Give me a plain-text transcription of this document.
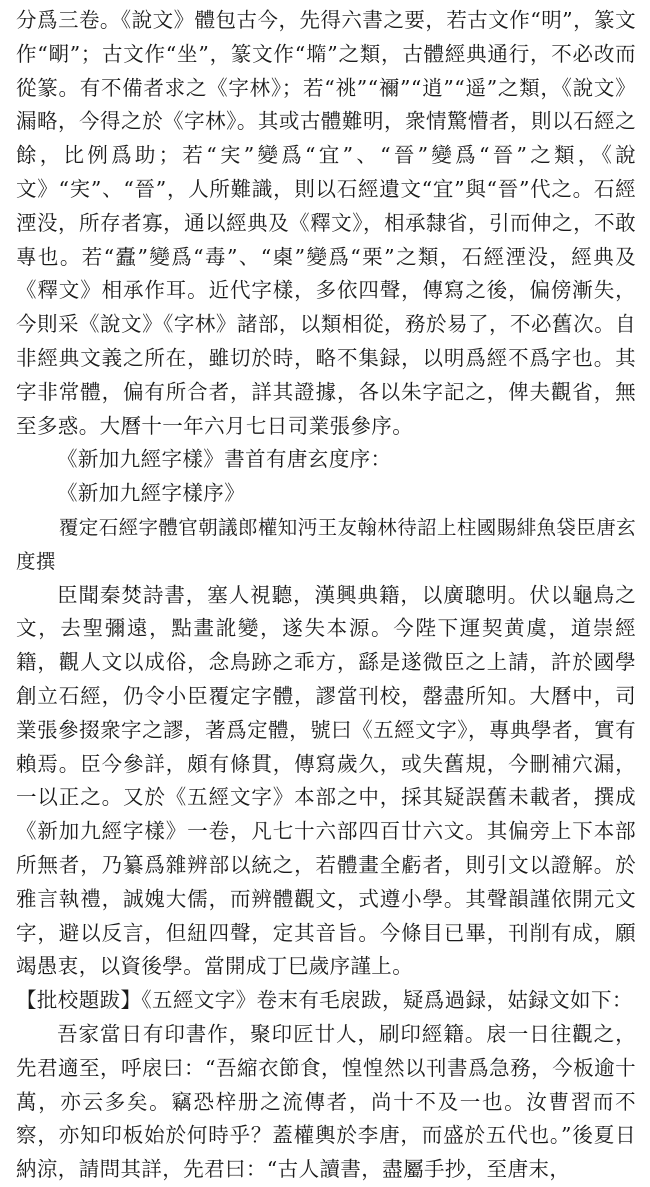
分爲三卷。《說文》體包古今，先得六書之要，若古文作“明”，篆文作“朙”；古文作“坐”，篆文作“𡐦”之類，古體經典通行，不必改而從篆。有不備者求之《字林》；若“祧”“禰”“逍”“遥”之類，《說文》漏略，今得之於《字林》。其或古體難明，衆情驚懵者，則以石經之餘，比例爲助；若“宎”變爲“宜”、“晉”變爲“晉”之類，《說文》“宎”、“晉”，人所難識，則以石經遺文“宜”與“晉”代之。石經湮没，所存者寡，通以經典及《釋文》，相承隸省，引而伸之，不敢專也。若“蠹”變爲“毒”、“㮚”變爲“栗”之類，石經湮没，經典及《釋文》相承作耳。近代字樣，多依四聲，傳寫之後，偏傍漸失，今則采《說文》《字林》諸部，以類相從，務於易了，不必舊次。自非經典文義之所在，雖切於時，略不集録，以明爲經不爲字也。其字非常體，偏有所合者，詳其證據，各以朱字記之，俾夫觀省，無至多惑。大曆十一年六月七日司業張參序。

《新加九經字樣》書首有唐玄度序：

《新加九經字樣序》

覆定石經字體官朝議郎權知沔王友翰林待詔上柱國賜緋魚袋臣唐玄度撰

臣聞秦焚詩書，塞人視聽，漢興典籍，以廣聰明。伏以龜鳥之文，去聖彌遠，點畫訛變，遂失本源。今陛下運契黄虞，道崇經籍，觀人文以成俗，念鳥跡之乖方，繇是遂微臣之上請，許於國學創立石經，仍令小臣覆定字體，謬當刊校，罄盡所知。大曆中，司業張參掇衆字之謬，著爲定體，號曰《五經文字》，專典學者，實有賴焉。臣今參詳，頗有條貫，傳寫歲久，或失舊規，今刪補穴漏，一以正之。又於《五經文字》本部之中，採其疑誤舊未載者，撰成《新加九經字樣》一卷，凡七十六部四百廿六文。其偏旁上下本部所無者，乃纂爲雜辨部以統之，若體畫全虧者，則引文以證解。於雅言執禮，誠媿大儒，而辨體觀文，式遵小學。其聲韻謹依開元文字，避以反言，但紐四聲，定其音旨。今條目已畢，刊削有成，願竭愚衷，以資後學。當開成丁巳歲序謹上。

【批校題跋】《五經文字》卷末有毛扆跋，疑爲過録，姑録文如下：

吾家當日有印書作，聚印匠廿人，刷印經籍。扆一日往觀之，先君適至，呼扆曰：“吾縮衣節食，惶惶然以刊書爲急務，今板逾十萬，亦云多矣。竊恐梓册之流傳者，尚十不及一也。汝曹習而不察，亦知印板始於何時乎？蓋權輿於李唐，而盛於五代也。”後夏日納涼，請問其詳，先君曰：“古人讀書，盡屬手抄，至唐末，
